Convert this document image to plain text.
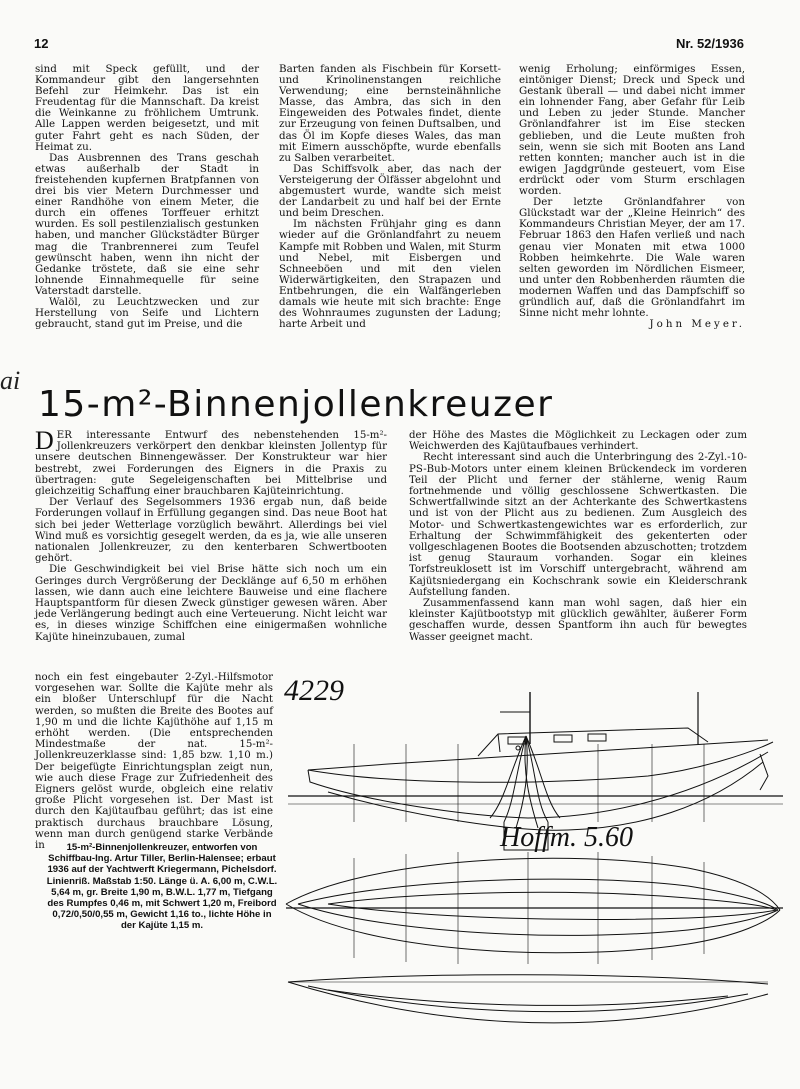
12	Nr. 52/1936

sind mit Speck gefüllt, und der Kommandeur gibt den langersehnten Befehl zur Heimkehr. Das ist ein Freudentag für die Mannschaft. Da kreist die Weinkanne zu fröhlichem Umtrunk. Alle Lappen werden beigesetzt, und mit guter Fahrt geht es nach Süden, der Heimat zu.

Das Ausbrennen des Trans geschah etwas außerhalb der Stadt in freistehenden kupfernen Bratpfannen von drei bis vier Metern Durchmesser und einer Randhöhe von einem Meter, die durch ein offenes Torffeuer erhitzt wurden. Es soll pestilenzialisch gestunken haben, und mancher Glückstädter Bürger mag die Tranbrennerei zum Teufel gewünscht haben, wenn ihn nicht der Gedanke tröstete, daß sie eine sehr lohnende Einnahmequelle für seine Vaterstadt darstelle.

Walöl, zu Leuchtzwecken und zur Herstellung von Seife und Lichtern gebraucht, stand gut im Preise, und die

Barten fanden als Fischbein für Korsett- und Krinolinenstangen reichliche Verwendung; eine bernsteinähnliche Masse, das Ambra, das sich in den Eingeweiden des Potwales findet, diente zur Erzeugung von feinen Duftsalben, und das Öl im Kopfe dieses Wales, das man mit Eimern ausschöpfte, wurde ebenfalls zu Salben verarbeitet.

Das Schiffsvolk aber, das nach der Versteigerung der Ölfässer abgelohnt und abgemustert wurde, wandte sich meist der Landarbeit zu und half bei der Ernte und beim Dreschen.

Im nächsten Frühjahr ging es dann wieder auf die Grönlandfahrt zu neuem Kampfe mit Robben und Walen, mit Sturm und Nebel, mit Eisbergen und Schneeböen und mit den vielen Widerwärtigkeiten, den Strapazen und Entbehrungen, die ein Walfängerleben damals wie heute mit sich brachte: Enge des Wohnraumes zugunsten der Ladung; harte Arbeit und

wenig Erholung; einförmiges Essen, eintöniger Dienst; Dreck und Speck und Gestank überall — und dabei nicht immer ein lohnender Fang, aber Gefahr für Leib und Leben zu jeder Stunde. Mancher Grönlandfahrer ist im Eise stecken geblieben, und die Leute mußten froh sein, wenn sie sich mit Booten ans Land retten konnten; mancher auch ist in die ewigen Jagdgründe gesteuert, vom Eise erdrückt oder vom Sturm erschlagen worden.

Der letzte Grönlandfahrer von Glückstadt war der „Kleine Heinrich“ des Kommandeurs Christian Meyer, der am 17. Februar 1863 den Hafen verließ und nach genau vier Monaten mit etwa 1000 Robben heimkehrte. Die Wale waren selten geworden im Nördlichen Eismeer, und unter den Robbenherden räumten die modernen Waffen und das Dampfschiff so gründlich auf, daß die Grönlandfahrt im Sinne nicht mehr lohnte.

John Meyer.

ai
15-m²-Binnenjollenkreuzer

DER interessante Entwurf des nebenstehenden 15-m²-Jollenkreuzers verkörpert den denkbar kleinsten Jollentyp für unsere deutschen Binnengewässer. Der Konstrukteur war hier bestrebt, zwei Forderungen des Eigners in die Praxis zu übertragen: gute Segeleigenschaften bei Mittelbrise und gleichzeitig Schaffung einer brauchbaren Kajüteinrichtung.

Der Verlauf des Segelsommers 1936 ergab nun, daß beide Forderungen vollauf in Erfüllung gegangen sind. Das neue Boot hat sich bei jeder Wetterlage vorzüglich bewährt. Allerdings bei viel Wind muß es vorsichtig gesegelt werden, da es ja, wie alle unseren nationalen Jollenkreuzer, zu den kenterbaren Schwertbooten gehört.

Die Geschwindigkeit bei viel Brise hätte sich noch um ein Geringes durch Vergrößerung der Decklänge auf 6,50 m erhöhen lassen, wie dann auch eine leichtere Bauweise und eine flachere Hauptspantform für diesen Zweck günstiger gewesen wären. Aber jede Verlängerung bedingt auch eine Verteuerung. Nicht leicht war es, in dieses winzige Schiffchen eine einigermaßen wohnliche Kajüte hineinzubauen, zumal

der Höhe des Mastes die Möglichkeit zu Leckagen oder zum Weichwerden des Kajütaufbaues verhindert.

Recht interessant sind auch die Unterbringung des 2-Zyl.-10-PS-Bub-Motors unter einem kleinen Brückendeck im vorderen Teil der Plicht und ferner der stählerne, wenig Raum fortnehmende und völlig geschlossene Schwertkasten. Die Schwertfallwinde sitzt an der Achterkante des Schwertkastens und ist von der Plicht aus zu bedienen. Zum Ausgleich des Motor- und Schwertkastengewichtes war es erforderlich, zur Erhaltung der Schwimmfähigkeit des gekenterten oder vollgeschlagenen Bootes die Bootsenden abzuschotten; trotzdem ist genug Stauraum vorhanden. Sogar ein kleines Torfstreuklosett ist im Vorschiff untergebracht, während am Kajütsniedergang ein Kochschrank sowie ein Kleiderschrank Aufstellung fanden.

Zusammenfassend kann man wohl sagen, daß hier ein kleinster Kajütbootstyp mit glücklich gewählter, äußerer Form geschaffen wurde, dessen Spantform ihn auch für bewegtes Wasser geeignet macht.

noch ein fest eingebauter 2-Zyl.-Hilfsmotor vorgesehen war. Sollte die Kajüte mehr als ein bloßer Unterschlupf für die Nacht werden, so mußten die Breite des Bootes auf 1,90 m und die lichte Kajüthöhe auf 1,15 m erhöht werden. (Die entsprechenden Mindestmaße der nat. 15-m²-Jollenkreuzerklasse sind: 1,85 bzw. 1,10 m.) Der beigefügte Einrichtungsplan zeigt nun, wie auch diese Frage zur Zufriedenheit des Eigners gelöst wurde, obgleich eine relativ große Plicht vorgesehen ist. Der Mast ist durch den Kajütaufbau geführt; das ist eine praktisch durchaus brauchbare Lösung, wenn man durch genügend starke Verbände in	15-m²-Binnenjollenkreuzer, entworfen von Schiffbau-Ing. Artur Tiller, Berlin-Halensee; erbaut 1936 auf der Yachtwerft Kriegermann, Pichelsdorf. Linienriß. Maßstab 1:50. Länge ü. A. 6,00 m, C.W.L. 5,64 m, gr. Breite 1,90 m, B.W.L. 1,77 m, Tiefgang des Rumpfes 0,46 m, mit Schwert 1,20 m, Freibord 0,72/0,50/0,55 m, Gewicht 1,16 to., lichte Höhe in der Kajüte 1,15 m.
4229
Hoffm. 5.60
